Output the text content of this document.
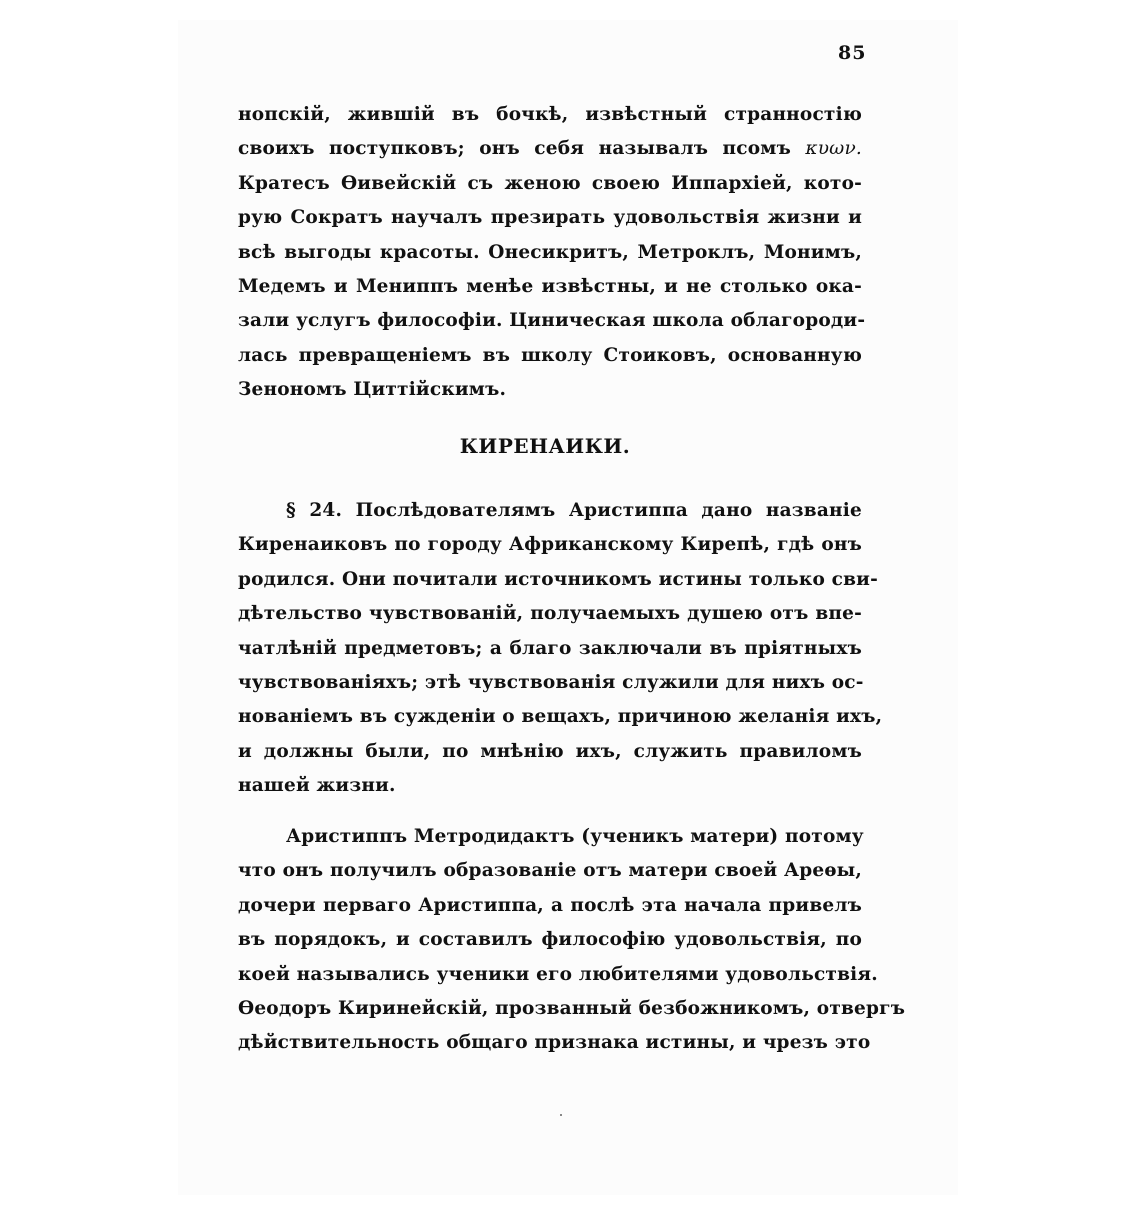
85
нопскій, жившій въ бочкѣ, извѣстный странностію
своихъ поступковъ; онъ себя называлъ псомъ κυων.
Кратесъ Ѳивейскій съ женою своею Иппархіей, кото-
рую Сократъ научалъ презирать удовольствія жизни и
всѣ выгоды красоты. Онесикритъ, Метроклъ, Монимъ,
Медемъ и Мениппъ менѣе извѣстны, и не столько ока-
зали услугъ философіи. Циническая школа облагороди-
лась превращеніемъ въ школу Стоиковъ, основанную
Зенономъ Циттійскимъ.
КИРЕНАИКИ.
§ 24. Послѣдователямъ Аристиппа дано названіе
Киренаиковъ по городу Африканскому Кирепѣ, гдѣ онъ
родился. Они почитали источникомъ истины только сви-
дѣтельство чувствованій, получаемыхъ душею отъ впе-
чатлѣній предметовъ; а благо заключали въ пріятныхъ
чувствованіяхъ; этѣ чувствованія служили для нихъ ос-
нованіемъ въ сужденіи о вещахъ, причиною желанія ихъ,
и должны были, по мнѣнію ихъ, служить правиломъ
нашей жизни.
Аристиппъ Метродидактъ (ученикъ матери) потому
что онъ получилъ образованіе отъ матери своей Ареѳы,
дочери перваго Аристиппа, а послѣ эта начала привелъ
въ порядокъ, и составилъ философію удовольствія, по
коей назывались ученики его любителями удовольствія.
Ѳеодоръ Киринейскій, прозванный безбожникомъ, отвергъ
дѣйствительность общаго признака истины, и чрезъ это
